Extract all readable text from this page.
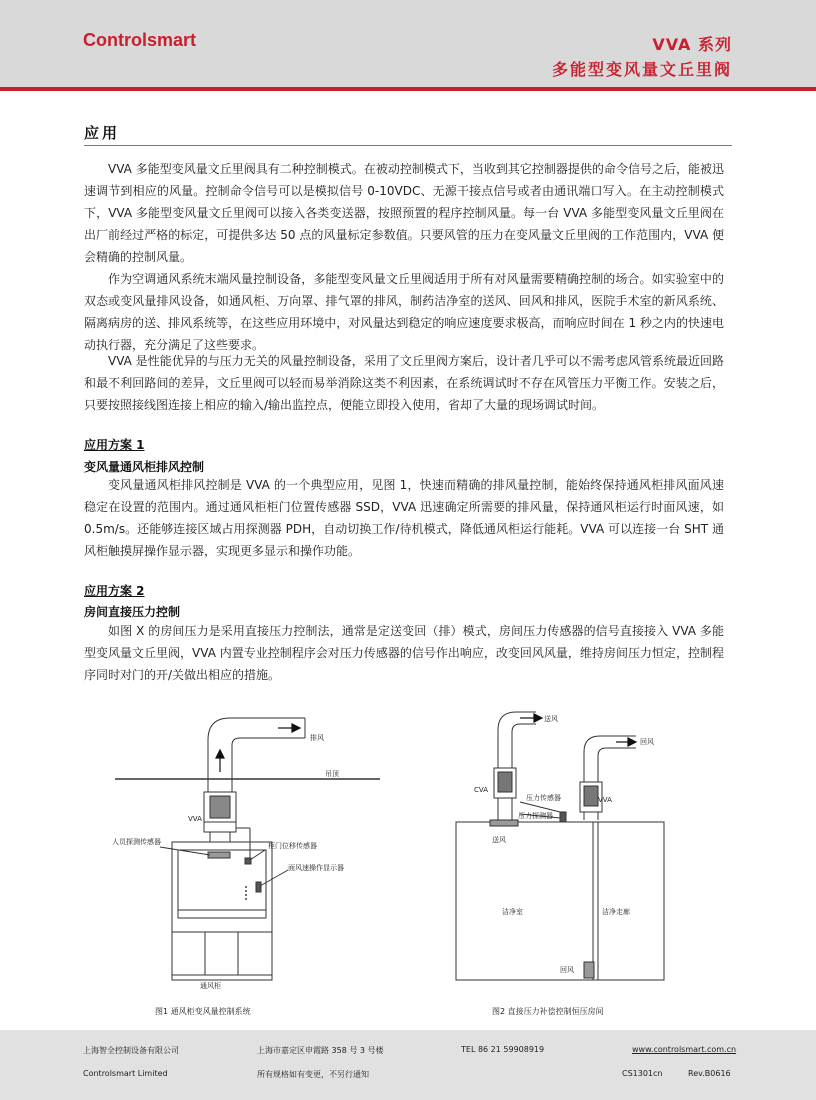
Controlsmart	VVA 系列
多能型变风量文丘里阀
应用

VVA 多能型变风量文丘里阀具有二种控制模式。在被动控制模式下，当收到其它控制器提供的命令信号之后，能被迅速调节到相应的风量。控制命令信号可以是模拟信号 0-10VDC、无源干接点信号或者由通讯端口写入。在主动控制模式下，VVA 多能型变风量文丘里阀可以接入各类变送器，按照预置的程序控制风量。每一台 VVA 多能型变风量文丘里阀在出厂前经过严格的标定，可提供多达 50 点的风量标定参数值。只要风管的压力在变风量文丘里阀的工作范围内，VVA 便会精确的控制风量。

作为空调通风系统末端风量控制设备，多能型变风量文丘里阀适用于所有对风量需要精确控制的场合。如实验室中的双态或变风量排风设备，如通风柜、万向罩、排气罩的排风，制药洁净室的送风、回风和排风，医院手术室的新风系统、隔离病房的送、排风系统等，在这些应用环境中，对风量达到稳定的响应速度要求极高，而响应时间在 1 秒之内的快速电动执行器，充分满足了这些要求。

VVA 是性能优异的与压力无关的风量控制设备，采用了文丘里阀方案后，设计者几乎可以不需考虑风管系统最近回路和最不利回路间的差异，文丘里阀可以轻而易举消除这类不利因素，在系统调试时不存在风管压力平衡工作。安装之后，只要按照接线图连接上相应的输入/输出监控点，便能立即投入使用，省却了大量的现场调试时间。

应用方案 1
变风量通风柜排风控制

变风量通风柜排风控制是 VVA 的一个典型应用，见图 1，快速而精确的排风量控制，能始终保持通风柜排风面风速稳定在设置的范围内。通过通风柜柜门位置传感器 SSD，VVA 迅速确定所需要的排风量，保持通风柜运行时面风速，如 0.5m/s。还能够连接区域占用探测器 PDH，自动切换工作/待机模式，降低通风柜运行能耗。VVA 可以连接一台 SHT 通风柜触摸屏操作显示器，实现更多显示和操作功能。

应用方案 2
房间直接压力控制

如图 X 的房间压力是采用直接压力控制法，通常是定送变回（排）模式，房间压力传感器的信号直接接入 VVA 多能型变风量文丘里阀，VVA 内置专业控制程序会对压力传感器的信号作出响应，改变回风风量，维持房间压力恒定，控制程序同时对门的开/关做出相应的措施。

排风
吊顶
VVA
人员探测传感器	柜门位移传感器
面风速操作显示器
通风柜
图1 通风柜变风量控制系统
送风
回风
CVA
压力传感器	VVA
压力探测器
送风
洁净室	洁净走廊
回风
图2 直接压力补偿控制恒压房间
上海智全控制设备有限公司	上海市嘉定区申霞路 358 号 3 号楼	TEL 86 21 59908919	www.controlsmart.com.cn
Controlsmart Limited	所有规格如有变更，不另行通知	CS1301cn	Rev.B0616
